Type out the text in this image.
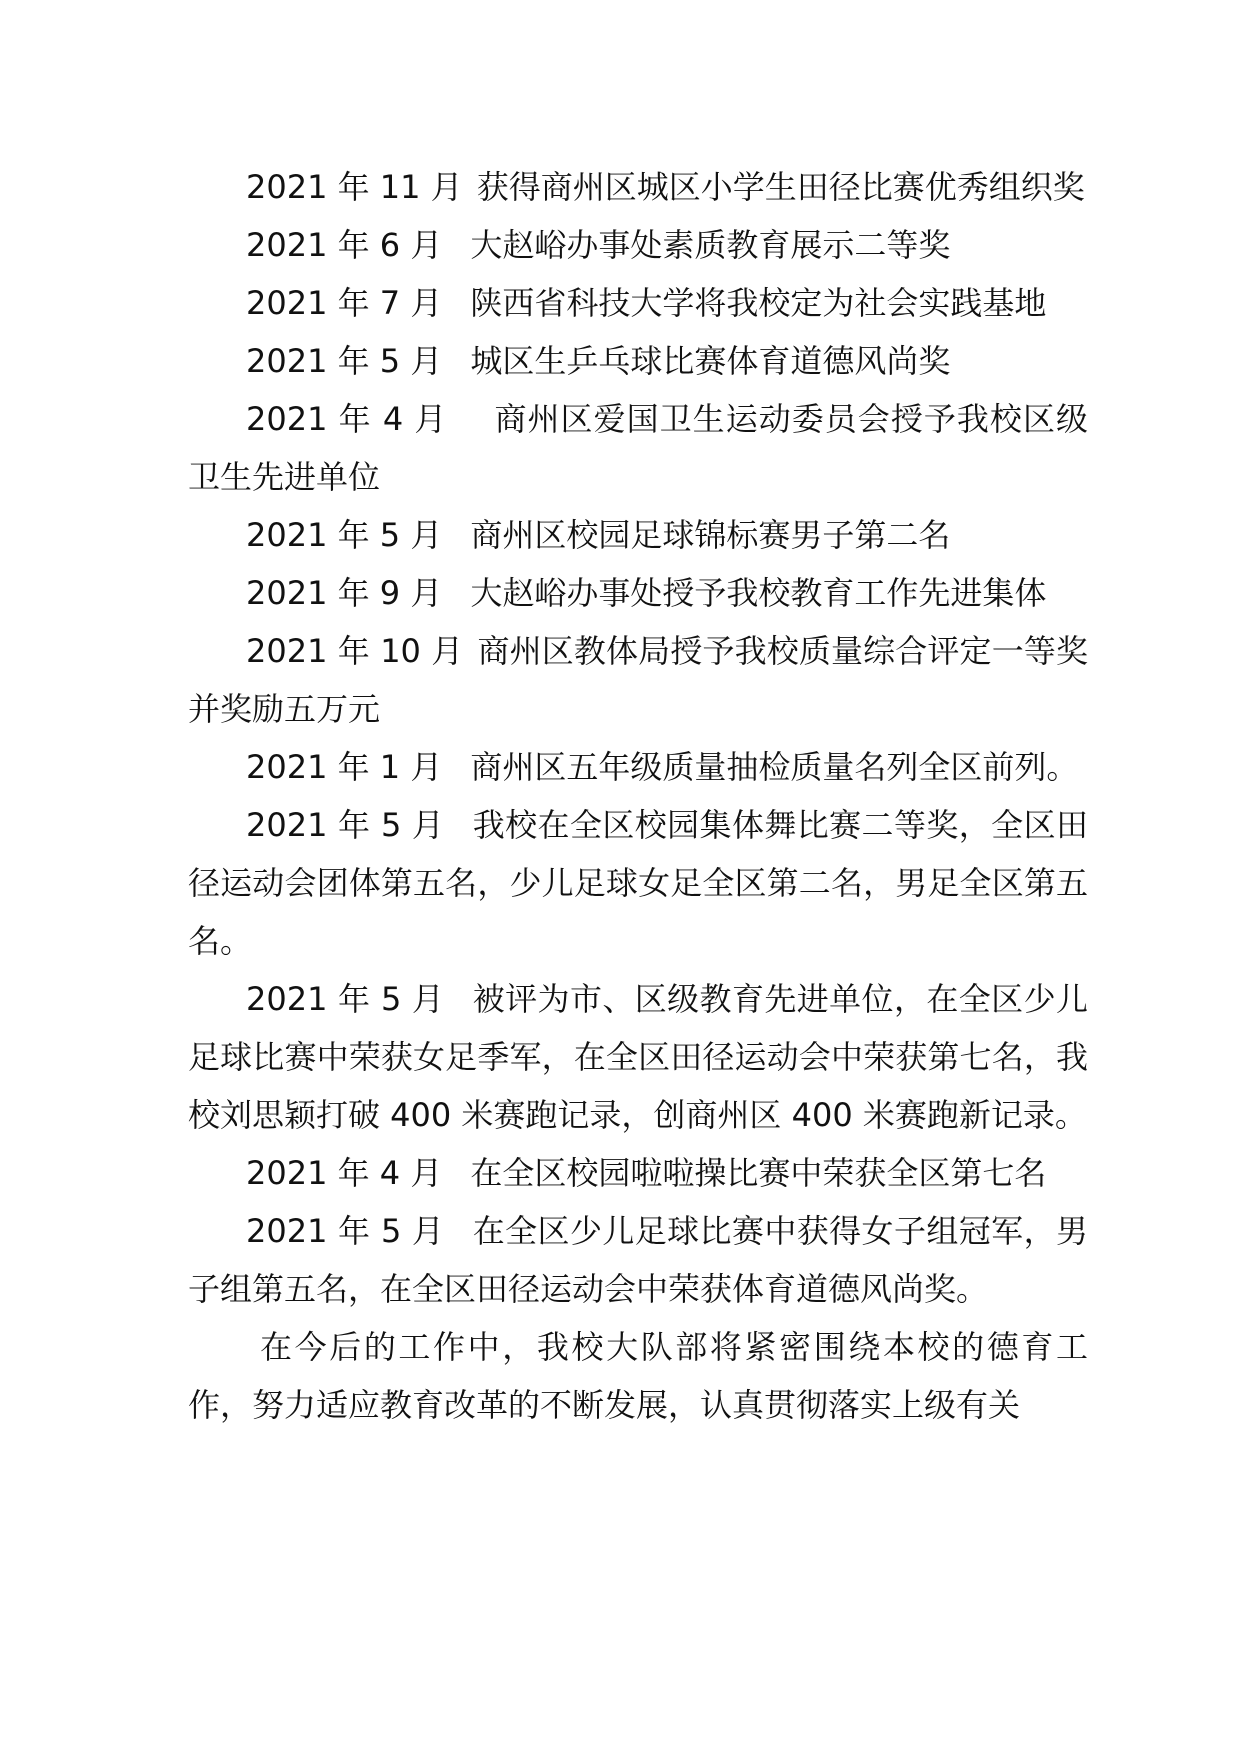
2021 年 11 月 获得商州区城区小学生田径比赛优秀组织奖

2021 年 6 月 大赵峪办事处素质教育展示二等奖

2021 年 7 月 陕西省科技大学将我校定为社会实践基地

2021 年 5 月 城区生乒乓球比赛体育道德风尚奖

2021 年 4 月 商州区爱国卫生运动委员会授予我校区级卫生先进单位

2021 年 5 月 商州区校园足球锦标赛男子第二名

2021 年 9 月 大赵峪办事处授予我校教育工作先进集体

2021 年 10 月 商州区教体局授予我校质量综合评定一等奖并奖励五万元

2021 年 1 月 商州区五年级质量抽检质量名列全区前列。

2021 年 5 月 我校在全区校园集体舞比赛二等奖，全区田径运动会团体第五名，少儿足球女足全区第二名，男足全区第五名。

2021 年 5 月 被评为市、区级教育先进单位，在全区少儿足球比赛中荣获女足季军，在全区田径运动会中荣获第七名，我校刘思颖打破 400 米赛跑记录，创商州区 400 米赛跑新记录。

2021 年 4 月 在全区校园啦啦操比赛中荣获全区第七名

2021 年 5 月 在全区少儿足球比赛中获得女子组冠军，男子组第五名，在全区田径运动会中荣获体育道德风尚奖。

在今后的工作中，我校大队部将紧密围绕本校的德育工作，努力适应教育改革的不断发展，认真贯彻落实上级有关
